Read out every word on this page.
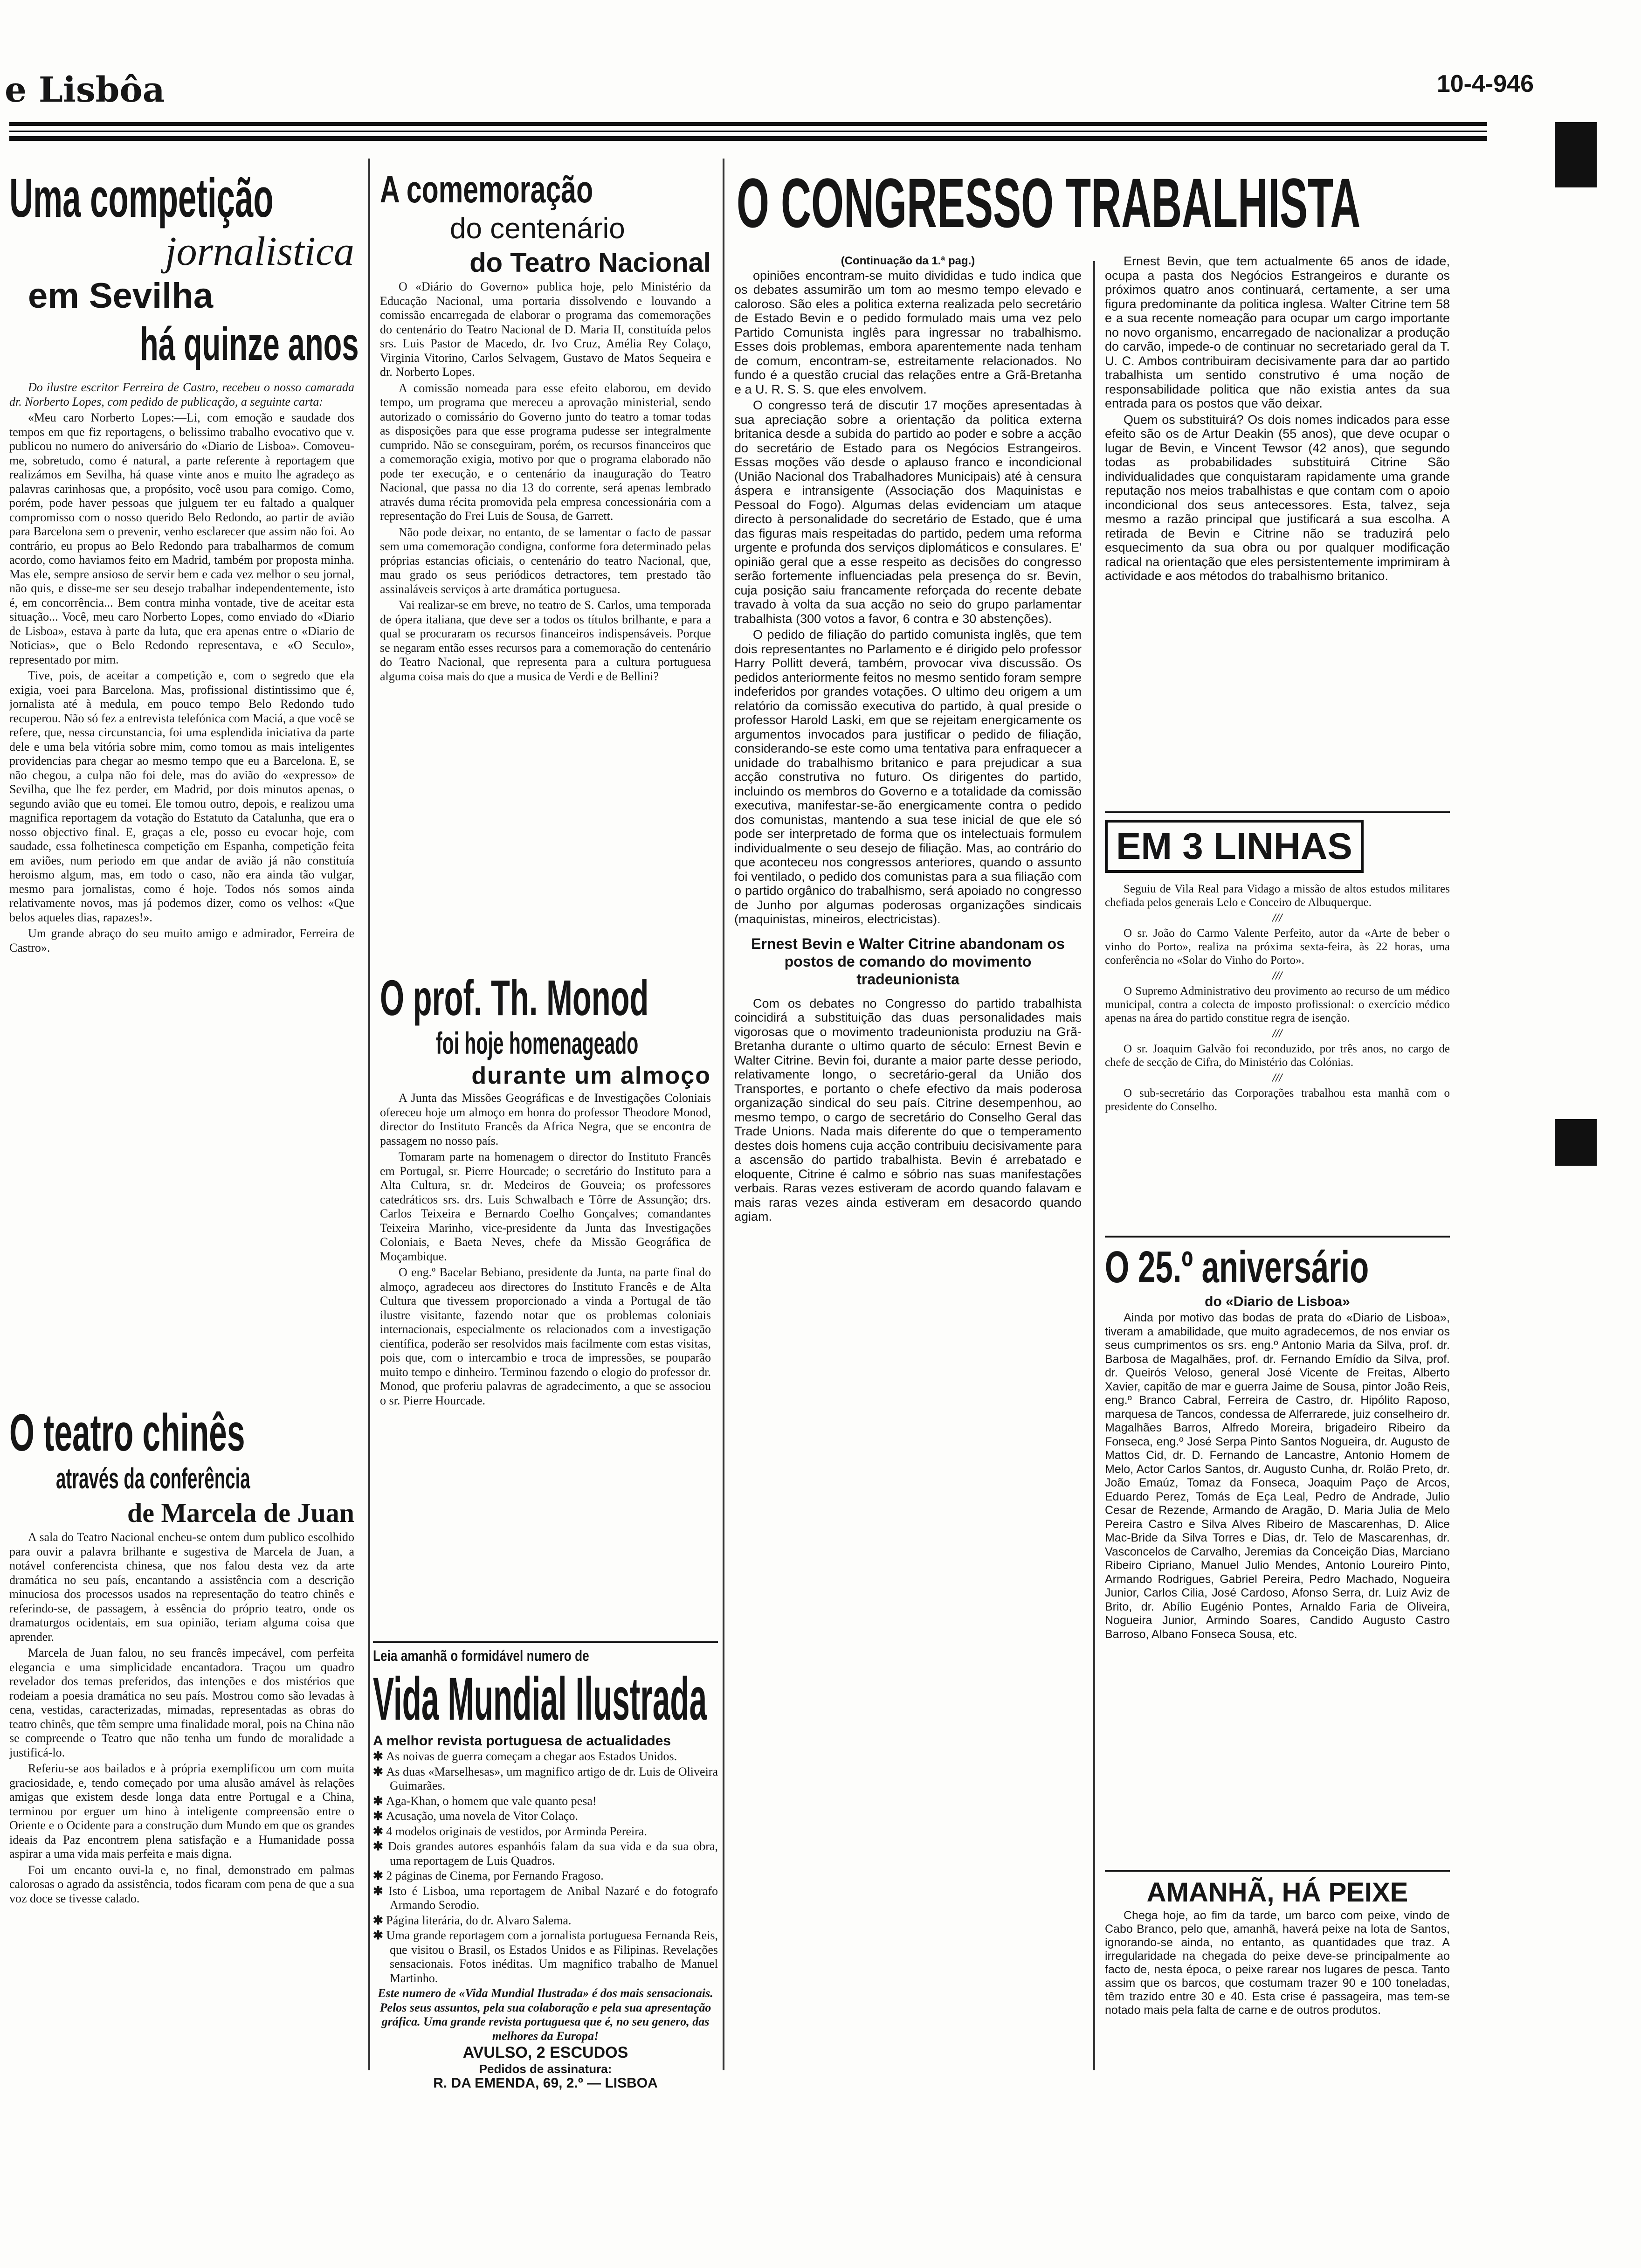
e Lisbôa	10-4-946
Uma competição
jornalistica
em Sevilha
há quinze anos

Do ilustre escritor Ferreira de Castro, recebeu o nosso camarada dr. Norberto Lopes, com pedido de publicação, a seguinte carta:

«Meu caro Norberto Lopes:—Li, com emoção e saudade dos tempos em que fiz reportagens, o belissimo trabalho evocativo que v. publicou no numero do aniversário do «Diario de Lisboa». Comoveu-me, sobretudo, como é natural, a parte referente à reportagem que realizámos em Sevilha, há quase vinte anos e muito lhe agradeço as palavras carinhosas que, a propósito, você usou para comigo. Como, porém, pode haver pessoas que julguem ter eu faltado a qualquer compromisso com o nosso querido Belo Redondo, ao partir de avião para Barcelona sem o prevenir, venho esclarecer que assim não foi. Ao contrário, eu propus ao Belo Redondo para trabalharmos de comum acordo, como haviamos feito em Madrid, também por proposta minha. Mas ele, sempre ansioso de servir bem e cada vez melhor o seu jornal, não quis, e disse-me ser seu desejo trabalhar independentemente, isto é, em concorrência... Bem contra minha vontade, tive de aceitar esta situação... Você, meu caro Norberto Lopes, como enviado do «Diario de Lisboa», estava à parte da luta, que era apenas entre o «Diario de Noticias», que o Belo Redondo representava, e «O Seculo», representado por mim.

Tive, pois, de aceitar a competição e, com o segredo que ela exigia, voei para Barcelona. Mas, profissional distintissimo que é, jornalista até à medula, em pouco tempo Belo Redondo tudo recuperou. Não só fez a entrevista telefónica com Maciá, a que você se refere, que, nessa circunstancia, foi uma esplendida iniciativa da parte dele e uma bela vitória sobre mim, como tomou as mais inteligentes providencias para chegar ao mesmo tempo que eu a Barcelona. E, se não chegou, a culpa não foi dele, mas do avião do «expresso» de Sevilha, que lhe fez perder, em Madrid, por dois minutos apenas, o segundo avião que eu tomei. Ele tomou outro, depois, e realizou uma magnifica reportagem da votação do Estatuto da Catalunha, que era o nosso objectivo final. E, graças a ele, posso eu evocar hoje, com saudade, essa folhetinesca competição em Espanha, competição feita em aviões, num periodo em que andar de avião já não constituía heroismo algum, mas, em todo o caso, não era ainda tão vulgar, mesmo para jornalistas, como é hoje. Todos nós somos ainda relativamente novos, mas já podemos dizer, como os velhos: «Que belos aqueles dias, rapazes!».

Um grande abraço do seu muito amigo e admirador, Ferreira de Castro».

O teatro chinês
através da conferência
de Marcela de Juan

A sala do Teatro Nacional encheu-se ontem dum publico escolhido para ouvir a palavra brilhante e sugestiva de Marcela de Juan, a notável conferencista chinesa, que nos falou desta vez da arte dramática no seu país, encantando a assistência com a descrição minuciosa dos processos usados na representação do teatro chinês e referindo-se, de passagem, à essência do próprio teatro, onde os dramaturgos ocidentais, em sua opinião, teriam alguma coisa que aprender.

Marcela de Juan falou, no seu francês impecável, com perfeita elegancia e uma simplicidade encantadora. Traçou um quadro revelador dos temas preferidos, das intenções e dos mistérios que rodeiam a poesia dramática no seu país. Mostrou como são levadas à cena, vestidas, caracterizadas, mimadas, representadas as obras do teatro chinês, que têm sempre uma finalidade moral, pois na China não se compreende o Teatro que não tenha um fundo de moralidade a justificá-lo.

Referiu-se aos bailados e à própria exemplificou um com muita graciosidade, e, tendo começado por uma alusão amável às relações amigas que existem desde longa data entre Portugal e a China, terminou por erguer um hino à inteligente compreensão entre o Oriente e o Ocidente para a construção dum Mundo em que os grandes ideais da Paz encontrem plena satisfação e a Humanidade possa aspirar a uma vida mais perfeita e mais digna.

Foi um encanto ouvi-la e, no final, demonstrado em palmas calorosas o agrado da assistência, todos ficaram com pena de que a sua voz doce se tivesse calado.

A comemoração
do centenário
do Teatro Nacional

O «Diário do Governo» publica hoje, pelo Ministério da Educação Nacional, uma portaria dissolvendo e louvando a comissão encarregada de elaborar o programa das comemorações do centenário do Teatro Nacional de D. Maria II, constituída pelos srs. Luis Pastor de Macedo, dr. Ivo Cruz, Amélia Rey Colaço, Virginia Vitorino, Carlos Selvagem, Gustavo de Matos Sequeira e dr. Norberto Lopes.

A comissão nomeada para esse efeito elaborou, em devido tempo, um programa que mereceu a aprovação ministerial, sendo autorizado o comissário do Governo junto do teatro a tomar todas as disposições para que esse programa pudesse ser integralmente cumprido. Não se conseguiram, porém, os recursos financeiros que a comemoração exigia, motivo por que o programa elaborado não pode ter execução, e o centenário da inauguração do Teatro Nacional, que passa no dia 13 do corrente, será apenas lembrado através duma récita promovida pela empresa concessionária com a representação do Frei Luis de Sousa, de Garrett.

Não pode deixar, no entanto, de se lamentar o facto de passar sem uma comemoração condigna, conforme fora determinado pelas próprias estancias oficiais, o centenário do teatro Nacional, que, mau grado os seus periódicos detractores, tem prestado tão assinaláveis serviços à arte dramática portuguesa.

Vai realizar-se em breve, no teatro de S. Carlos, uma temporada de ópera italiana, que deve ser a todos os títulos brilhante, e para a qual se procuraram os recursos financeiros indispensáveis. Porque se negaram então esses recursos para a comemoração do centenário do Teatro Nacional, que representa para a cultura portuguesa alguma coisa mais do que a musica de Verdi e de Bellini?

O prof. Th. Monod
foi hoje homenageado
durante um almoço

A Junta das Missões Geográficas e de Investigações Coloniais ofereceu hoje um almoço em honra do professor Theodore Monod, director do Instituto Francês da Africa Negra, que se encontra de passagem no nosso país.

Tomaram parte na homenagem o director do Instituto Francês em Portugal, sr. Pierre Hourcade; o secretário do Instituto para a Alta Cultura, sr. dr. Medeiros de Gouveia; os professores catedráticos srs. drs. Luis Schwalbach e Tôrre de Assunção; drs. Carlos Teixeira e Bernardo Coelho Gonçalves; comandantes Teixeira Marinho, vice-presidente da Junta das Investigações Coloniais, e Baeta Neves, chefe da Missão Geográfica de Moçambique.

O eng.º Bacelar Bebiano, presidente da Junta, na parte final do almoço, agradeceu aos directores do Instituto Francês e de Alta Cultura que tivessem proporcionado a vinda a Portugal de tão ilustre visitante, fazendo notar que os problemas coloniais internacionais, especialmente os relacionados com a investigação científica, poderão ser resolvidos mais facilmente com estas visitas, pois que, com o intercambio e troca de impressões, se pouparão muito tempo e dinheiro. Terminou fazendo o elogio do professor dr. Monod, que proferiu palavras de agradecimento, a que se associou o sr. Pierre Hourcade.

Leia amanhã o formidável numero de
Vida Mundial Ilustrada
A melhor revista portuguesa de actualidades
✱ As noivas de guerra começam a chegar aos Estados Unidos.
✱ As duas «Marselhesas», um magnifico artigo de dr. Luis de Oliveira Guimarães.
✱ Aga-Khan, o homem que vale quanto pesa!
✱ Acusação, uma novela de Vitor Colaço.
✱ 4 modelos originais de vestidos, por Arminda Pereira.
✱ Dois grandes autores espanhóis falam da sua vida e da sua obra, uma reportagem de Luis Quadros.
✱ 2 páginas de Cinema, por Fernando Fragoso.
✱ Isto é Lisboa, uma reportagem de Anibal Nazaré e do fotografo Armando Serodio.
✱ Página literária, do dr. Alvaro Salema.
✱ Uma grande reportagem com a jornalista portuguesa Fernanda Reis, que visitou o Brasil, os Estados Unidos e as Filipinas. Revelações sensacionais. Fotos inéditas. Um magnifico trabalho de Manuel Martinho.
Este numero de «Vida Mundial Ilustrada» é dos mais sensacionais. Pelos seus assuntos, pela sua colaboração e pela sua apresentação gráfica. Uma grande revista portuguesa que é, no seu genero, das melhores da Europa!
AVULSO, 2 ESCUDOS
Pedidos de assinatura:
R. DA EMENDA, 69, 2.º — LISBOA
O CONGRESSO TRABALHISTA
(Continuação da 1.ª pag.)

opiniões encontram-se muito divididas e tudo indica que os debates assumirão um tom ao mesmo tempo elevado e caloroso. São eles a politica externa realizada pelo secretário de Estado Bevin e o pedido formulado mais uma vez pelo Partido Comunista inglês para ingressar no trabalhismo. Esses dois problemas, embora aparentemente nada tenham de comum, encontram-se, estreitamente relacionados. No fundo é a questão crucial das relações entre a Grã-Bretanha e a U. R. S. S. que eles envolvem.

O congresso terá de discutir 17 moções apresentadas à sua apreciação sobre a orientação da politica externa britanica desde a subida do partido ao poder e sobre a acção do secretário de Estado para os Negócios Estrangeiros. Essas moções vão desde o aplauso franco e incondicional (União Nacional dos Trabalhadores Municipais) até à censura áspera e intransigente (Associação dos Maquinistas e Pessoal do Fogo). Algumas delas evidenciam um ataque directo à personalidade do secretário de Estado, que é uma das figuras mais respeitadas do partido, pedem uma reforma urgente e profunda dos serviços diplomáticos e consulares. E' opinião geral que a esse respeito as decisões do congresso serão fortemente influenciadas pela presença do sr. Bevin, cuja posição saiu francamente reforçada do recente debate travado à volta da sua acção no seio do grupo parlamentar trabalhista (300 votos a favor, 6 contra e 30 abstenções).

O pedido de filiação do partido comunista inglês, que tem dois representantes no Parlamento e é dirigido pelo professor Harry Pollitt deverá, também, provocar viva discussão. Os pedidos anteriormente feitos no mesmo sentido foram sempre indeferidos por grandes votações. O ultimo deu origem a um relatório da comissão executiva do partido, à qual preside o professor Harold Laski, em que se rejeitam energicamente os argumentos invocados para justificar o pedido de filiação, considerando-se este como uma tentativa para enfraquecer a unidade do trabalhismo britanico e para prejudicar a sua acção construtiva no futuro. Os dirigentes do partido, incluindo os membros do Governo e a totalidade da comissão executiva, manifestar-se-ão energicamente contra o pedido dos comunistas, mantendo a sua tese inicial de que ele só pode ser interpretado de forma que os intelectuais formulem individualmente o seu desejo de filiação. Mas, ao contrário do que aconteceu nos congressos anteriores, quando o assunto foi ventilado, o pedido dos comunistas para a sua filiação com o partido orgânico do trabalhismo, será apoiado no congresso de Junho por algumas poderosas organizações sindicais (maquinistas, mineiros, electricistas).

Ernest Bevin e Walter Citrine abandonam os postos de comando do movimento tradeunionista

Com os debates no Congresso do partido trabalhista coincidirá a substituição das duas personalidades mais vigorosas que o movimento tradeunionista produziu na Grã-Bretanha durante o ultimo quarto de século: Ernest Bevin e Walter Citrine. Bevin foi, durante a maior parte desse periodo, relativamente longo, o secretário-geral da União dos Transportes, e portanto o chefe efectivo da mais poderosa organização sindical do seu país. Citrine desempenhou, ao mesmo tempo, o cargo de secretário do Conselho Geral das Trade Unions. Nada mais diferente do que o temperamento destes dois homens cuja acção contribuiu decisivamente para a ascensão do partido trabalhista. Bevin é arrebatado e eloquente, Citrine é calmo e sóbrio nas suas manifestações verbais. Raras vezes estiveram de acordo quando falavam e mais raras vezes ainda estiveram em desacordo quando agiam.

Ernest Bevin, que tem actualmente 65 anos de idade, ocupa a pasta dos Negócios Estrangeiros e durante os próximos quatro anos continuará, certamente, a ser uma figura predominante da politica inglesa. Walter Citrine tem 58 e a sua recente nomeação para ocupar um cargo importante no novo organismo, encarregado de nacionalizar a produção do carvão, impede-o de continuar no secretariado geral da T. U. C. Ambos contribuiram decisivamente para dar ao partido trabalhista um sentido construtivo é uma noção de responsabilidade politica que não existia antes da sua entrada para os postos que vão deixar.

Quem os substituirá? Os dois nomes indicados para esse efeito são os de Artur Deakin (55 anos), que deve ocupar o lugar de Bevin, e Vincent Tewsor (42 anos), que segundo todas as probabilidades substituirá Citrine São individualidades que conquistaram rapidamente uma grande reputação nos meios trabalhistas e que contam com o apoio incondicional dos seus antecessores. Esta, talvez, seja mesmo a razão principal que justificará a sua escolha. A retirada de Bevin e Citrine não se traduzirá pelo esquecimento da sua obra ou por qualquer modificação radical na orientação que eles persistentemente imprimiram à actividade e aos métodos do trabalhismo britanico.

EM 3 LINHAS

Seguiu de Vila Real para Vidago a missão de altos estudos militares chefiada pelos generais Lelo e Conceiro de Albuquerque.

///

O sr. João do Carmo Valente Perfeito, autor da «Arte de beber o vinho do Porto», realiza na próxima sexta-feira, às 22 horas, uma conferência no «Solar do Vinho do Porto».

///

O Supremo Administrativo deu provimento ao recurso de um médico municipal, contra a colecta de imposto profissional: o exercício médico apenas na área do partido constitue regra de isenção.

///

O sr. Joaquim Galvão foi reconduzido, por três anos, no cargo de chefe de secção de Cifra, do Ministério das Colónias.

///

O sub-secretário das Corporações trabalhou esta manhã com o presidente do Conselho.

O 25.º aniversário
do «Diario de Lisboa»

Ainda por motivo das bodas de prata do «Diario de Lisboa», tiveram a amabilidade, que muito agradecemos, de nos enviar os seus cumprimentos os srs. eng.º Antonio Maria da Silva, prof. dr. Barbosa de Magalhães, prof. dr. Fernando Emídio da Silva, prof. dr. Queirós Veloso, general José Vicente de Freitas, Alberto Xavier, capitão de mar e guerra Jaime de Sousa, pintor João Reis, eng.º Branco Cabral, Ferreira de Castro, dr. Hipólito Raposo, marquesa de Tancos, condessa de Alferrarede, juiz conselheiro dr. Magalhães Barros, Alfredo Moreira, brigadeiro Ribeiro da Fonseca, eng.º José Serpa Pinto Santos Nogueira, dr. Augusto de Mattos Cid, dr. D. Fernando de Lancastre, Antonio Homem de Melo, Actor Carlos Santos, dr. Augusto Cunha, dr. Rolão Preto, dr. João Emaúz, Tomaz da Fonseca, Joaquim Paço de Arcos, Eduardo Perez, Tomás de Eça Leal, Pedro de Andrade, Julio Cesar de Rezende, Armando de Aragão, D. Maria Julia de Melo Pereira Castro e Silva Alves Ribeiro de Mascarenhas, D. Alice Mac-Bride da Silva Torres e Dias, dr. Telo de Mascarenhas, dr. Vasconcelos de Carvalho, Jeremias da Conceição Dias, Marciano Ribeiro Cipriano, Manuel Julio Mendes, Antonio Loureiro Pinto, Armando Rodrigues, Gabriel Pereira, Pedro Machado, Nogueira Junior, Carlos Cilia, José Cardoso, Afonso Serra, dr. Luiz Aviz de Brito, dr. Abílio Eugénio Pontes, Arnaldo Faria de Oliveira, Nogueira Junior, Armindo Soares, Candido Augusto Castro Barroso, Albano Fonseca Sousa, etc.

AMANHÃ, HÁ PEIXE

Chega hoje, ao fim da tarde, um barco com peixe, vindo de Cabo Branco, pelo que, amanhã, haverá peixe na lota de Santos, ignorando-se ainda, no entanto, as quantidades que traz. A irregularidade na chegada do peixe deve-se principalmente ao facto de, nesta época, o peixe rarear nos lugares de pesca. Tanto assim que os barcos, que costumam trazer 90 e 100 toneladas, têm trazido entre 30 e 40. Esta crise é passageira, mas tem-se notado mais pela falta de carne e de outros produtos.
